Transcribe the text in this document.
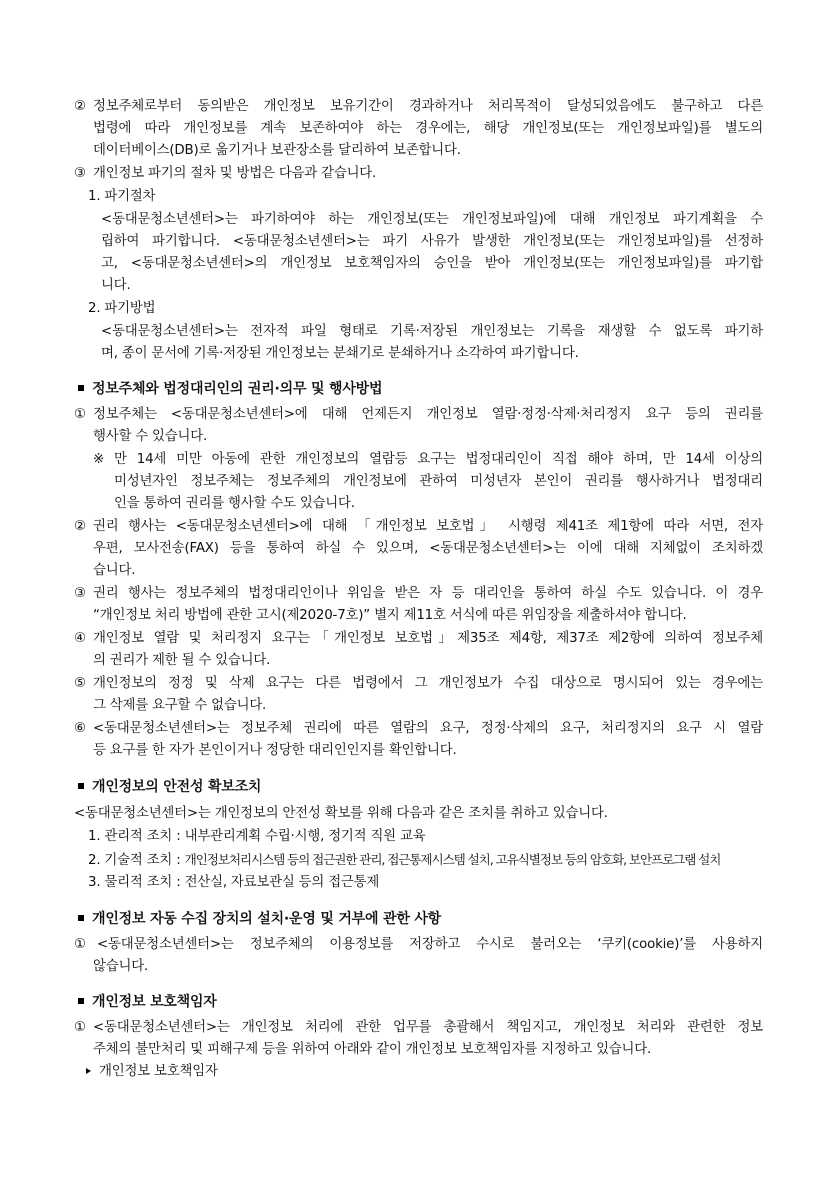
② 정보주체로부터 동의받은 개인정보 보유기간이 경과하거나 처리목적이 달성되었음에도 불구하고 다른
법령에 따라 개인정보를 계속 보존하여야 하는 경우에는, 해당 개인정보(또는 개인정보파일)를 별도의
데이터베이스(DB)로 옮기거나 보관장소를 달리하여 보존합니다.
③ 개인정보 파기의 절차 및 방법은 다음과 같습니다.
1. 파기절차
<동대문청소년센터>는 파기하여야 하는 개인정보(또는 개인정보파일)에 대해 개인정보 파기계획을 수
립하여 파기합니다. <동대문청소년센터>는 파기 사유가 발생한 개인정보(또는 개인정보파일)를 선정하
고, <동대문청소년센터>의 개인정보 보호책임자의 승인을 받아 개인정보(또는 개인정보파일)를 파기합
니다.
2. 파기방법
<동대문청소년센터>는 전자적 파일 형태로 기록·저장된 개인정보는 기록을 재생할 수 없도록 파기하
며, 종이 문서에 기록·저장된 개인정보는 분쇄기로 분쇄하거나 소각하여 파기합니다.
정보주체와 법정대리인의 권리·의무 및 행사방법
① 정보주체는 <동대문청소년센터>에 대해 언제든지 개인정보 열람·정정·삭제·처리정지 요구 등의 권리를
행사할 수 있습니다.
※ 만 14세 미만 아동에 관한 개인정보의 열람등 요구는 법정대리인이 직접 해야 하며, 만 14세 이상의
미성년자인 정보주체는 정보주체의 개인정보에 관하여 미성년자 본인이 권리를 행사하거나 법정대리
인을 통하여 권리를 행사할 수도 있습니다.
② 권리 행사는 <동대문청소년센터>에 대해 「개인정보 보호법」 시행령 제41조 제1항에 따라 서면, 전자
우편, 모사전송(FAX) 등을 통하여 하실 수 있으며, <동대문청소년센터>는 이에 대해 지체없이 조치하겠
습니다.
③ 권리 행사는 정보주체의 법정대리인이나 위임을 받은 자 등 대리인을 통하여 하실 수도 있습니다. 이 경우
“개인정보 처리 방법에 관한 고시(제2020-7호)” 별지 제11호 서식에 따른 위임장을 제출하셔야 합니다.
④ 개인정보 열람 및 처리정지 요구는「개인정보 보호법」제35조 제4항, 제37조 제2항에 의하여 정보주체
의 권리가 제한 될 수 있습니다.
⑤ 개인정보의 정정 및 삭제 요구는 다른 법령에서 그 개인정보가 수집 대상으로 명시되어 있는 경우에는
그 삭제를 요구할 수 없습니다.
⑥ <동대문청소년센터>는 정보주체 권리에 따른 열람의 요구, 정정·삭제의 요구, 처리정지의 요구 시 열람
등 요구를 한 자가 본인이거나 정당한 대리인인지를 확인합니다.
개인정보의 안전성 확보조치
<동대문청소년센터>는 개인정보의 안전성 확보를 위해 다음과 같은 조치를 취하고 있습니다.
1. 관리적 조치 : 내부관리계획 수립·시행, 정기적 직원 교육
2. 기술적 조치 : 개인정보처리시스템 등의 접근권한 관리, 접근통제시스템 설치, 고유식별정보 등의 암호화, 보안프로그램 설치
3. 물리적 조치 : 전산실, 자료보관실 등의 접근통제
개인정보 자동 수집 장치의 설치·운영 및 거부에 관한 사항
① <동대문청소년센터>는 정보주체의 이용정보를 저장하고 수시로 불러오는 ‘쿠키(cookie)’를 사용하지
않습니다.
개인정보 보호책임자
① <동대문청소년센터>는 개인정보 처리에 관한 업무를 총괄해서 책임지고, 개인정보 처리와 관련한 정보
주체의 불만처리 및 피해구제 등을 위하여 아래와 같이 개인정보 보호책임자를 지정하고 있습니다.
개인정보 보호책임자
